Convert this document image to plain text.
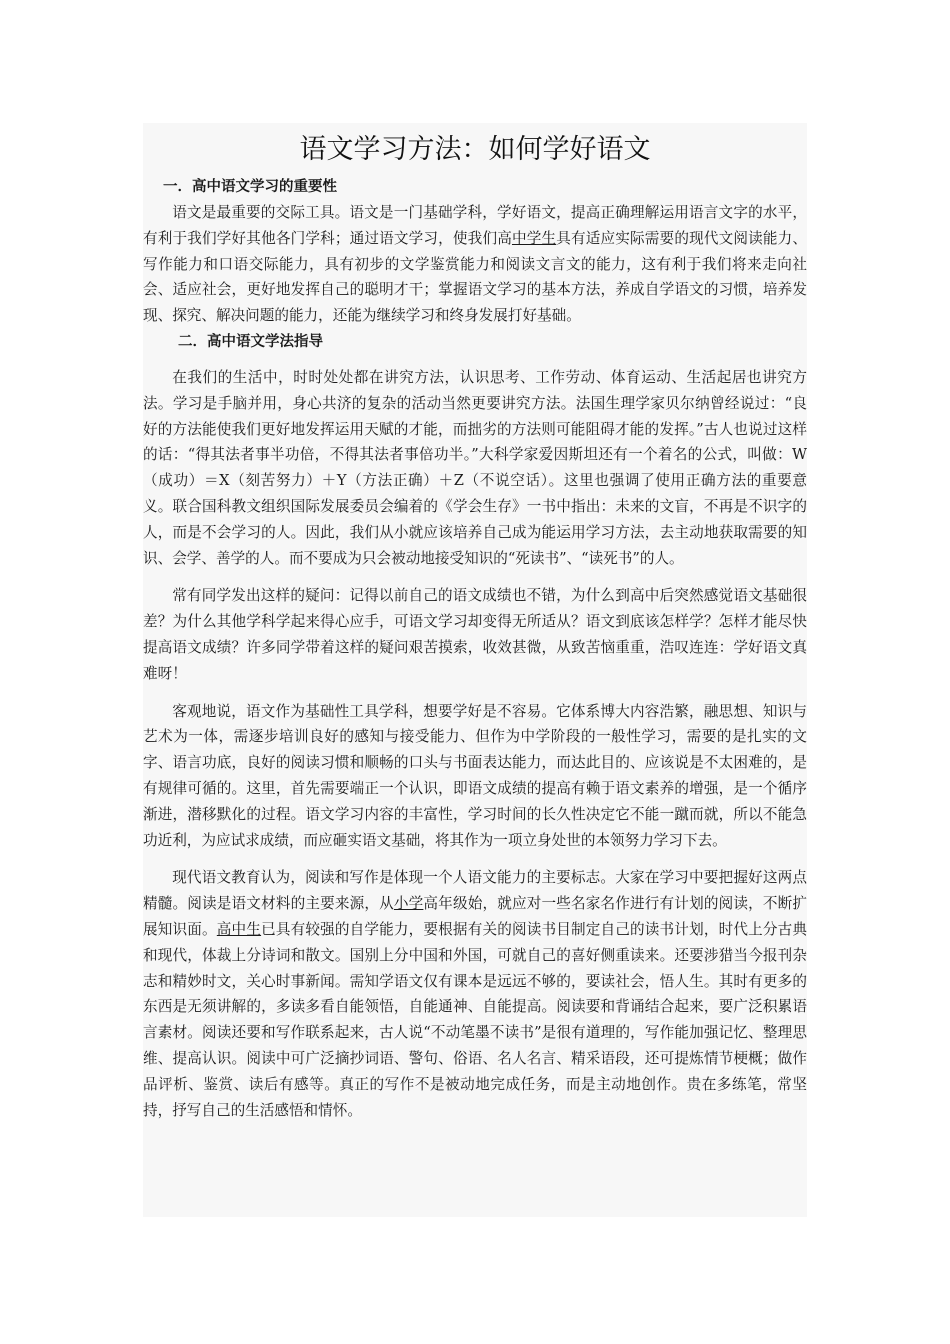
语文学习方法：如何学好语文
一．高中语文学习的重要性

语文是最重要的交际工具。语文是一门基础学科，学好语文，提高正确理解运用语言文字的水平，有利于我们学好其他各门学科；通过语文学习，使我们高中学生具有适应实际需要的现代文阅读能力、写作能力和口语交际能力，具有初步的文学鉴赏能力和阅读文言文的能力，这有利于我们将来走向社会、适应社会，更好地发挥自己的聪明才干；掌握语文学习的基本方法，养成自学语文的习惯，培养发现、探究、解决问题的能力，还能为继续学习和终身发展打好基础。

二．高中语文学法指导

在我们的生活中，时时处处都在讲究方法，认识思考、工作劳动、体育运动、生活起居也讲究方法。学习是手脑并用，身心共济的复杂的活动当然更要讲究方法。法国生理学家贝尔纳曾经说过：“良好的方法能使我们更好地发挥运用天赋的才能，而拙劣的方法则可能阻碍才能的发挥。”古人也说过这样的话：“得其法者事半功倍，不得其法者事倍功半。”大科学家爱因斯坦还有一个着名的公式，叫做：W（成功）＝X（刻苦努力）＋Y（方法正确）＋Z（不说空话）。这里也强调了使用正确方法的重要意义。联合国科教文组织国际发展委员会编着的《学会生存》一书中指出：未来的文盲，不再是不识字的人，而是不会学习的人。因此，我们从小就应该培养自己成为能运用学习方法，去主动地获取需要的知识、会学、善学的人。而不要成为只会被动地接受知识的“死读书”、“读死书”的人。

常有同学发出这样的疑问：记得以前自己的语文成绩也不错，为什么到高中后突然感觉语文基础很差？为什么其他学科学起来得心应手，可语文学习却变得无所适从？语文到底该怎样学？怎样才能尽快提高语文成绩？许多同学带着这样的疑问艰苦摸索，收效甚微，从致苦恼重重，浩叹连连：学好语文真难呀！

客观地说，语文作为基础性工具学科，想要学好是不容易。它体系博大内容浩繁，融思想、知识与艺术为一体，需逐步培训良好的感知与接受能力、但作为中学阶段的一般性学习，需要的是扎实的文字、语言功底，良好的阅读习惯和顺畅的口头与书面表达能力，而达此目的、应该说是不太困难的，是有规律可循的。这里，首先需要端正一个认识，即语文成绩的提高有赖于语文素养的增强，是一个循序渐进，潜移默化的过程。语文学习内容的丰富性，学习时间的长久性决定它不能一蹴而就，所以不能急功近利，为应试求成绩，而应砸实语文基础，将其作为一项立身处世的本领努力学习下去。

现代语文教育认为，阅读和写作是体现一个人语文能力的主要标志。大家在学习中要把握好这两点精髓。阅读是语文材料的主要来源，从小学高年级始，就应对一些名家名作进行有计划的阅读，不断扩展知识面。高中生已具有较强的自学能力，要根据有关的阅读书目制定自己的读书计划，时代上分古典和现代，体裁上分诗词和散文。国别上分中国和外国，可就自己的喜好侧重读来。还要涉猎当今报刊杂志和精妙时文，关心时事新闻。需知学语文仅有课本是远远不够的，要读社会，悟人生。其时有更多的东西是无须讲解的，多读多看自能领悟，自能通神、自能提高。阅读要和背诵结合起来，要广泛积累语言素材。阅读还要和写作联系起来，古人说“不动笔墨不读书”是很有道理的，写作能加强记忆、整理思维、提高认识。阅读中可广泛摘抄词语、警句、俗语、名人名言、精采语段，还可提炼情节梗概；做作品评析、鉴赏、读后有感等。真正的写作不是被动地完成任务，而是主动地创作。贵在多练笔，常坚持，抒写自己的生活感悟和情怀。
